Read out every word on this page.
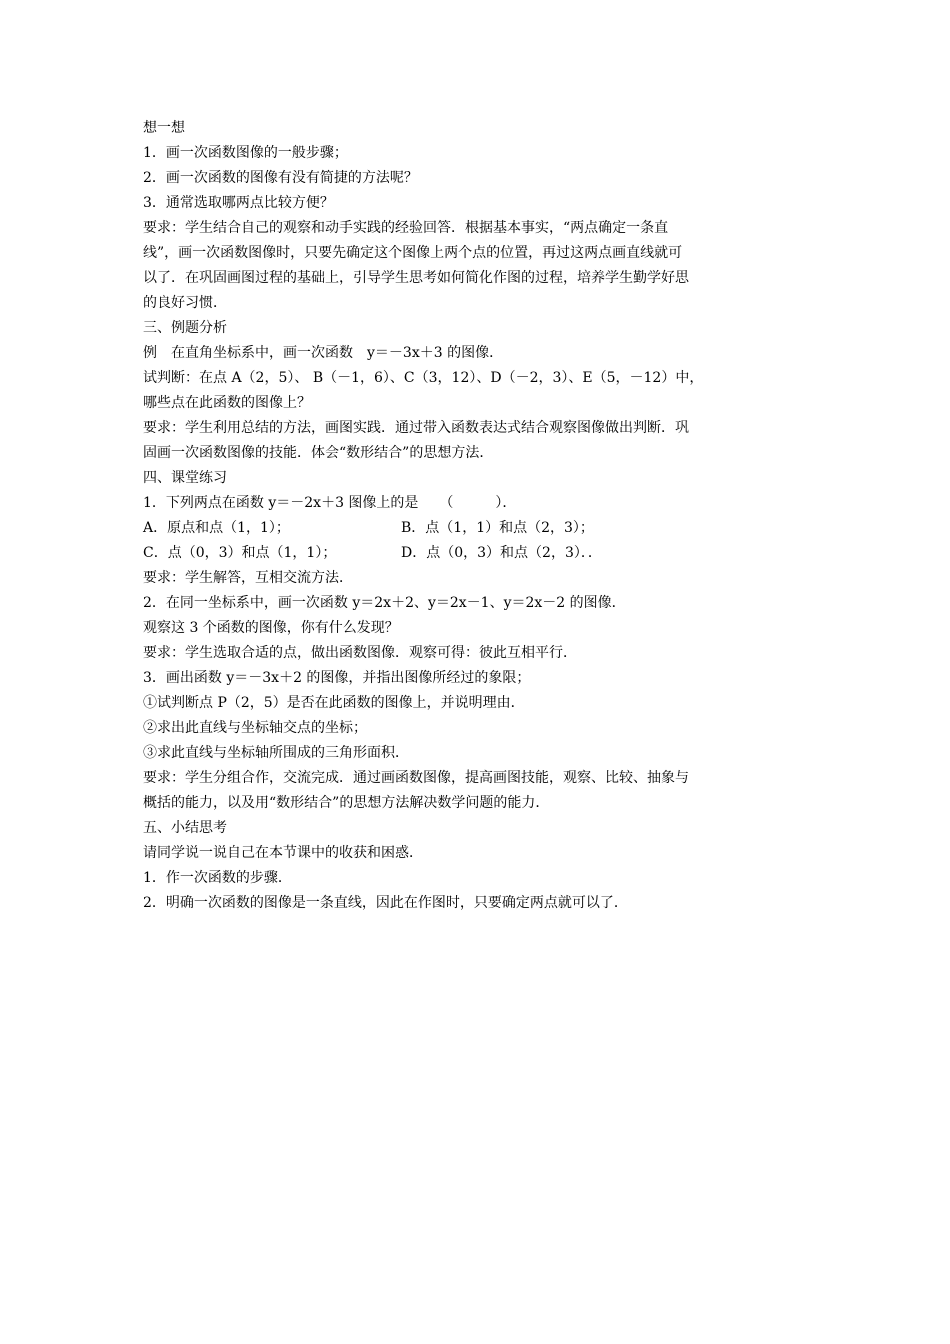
想一想
1．画一次函数图像的一般步骤；
2．画一次函数的图像有没有简捷的方法呢？
3．通常选取哪两点比较方便？
要求：学生结合自己的观察和动手实践的经验回答．根据基本事实，“两点确定一条直
线”，画一次函数图像时，只要先确定这个图像上两个点的位置，再过这两点画直线就可
以了．在巩固画图过程的基础上，引导学生思考如何简化作图的过程，培养学生勤学好思
的良好习惯．
三、例题分析
例　在直角坐标系中，画一次函数　y＝－3x＋3 的图像．
试判断：在点 A（2，5）、 B（－1，6）、C（3，12）、D（－2，3）、E（5，－12）中，
哪些点在此函数的图像上？
要求：学生利用总结的方法，画图实践．通过带入函数表达式结合观察图像做出判断．巩
固画一次函数图像的技能．体会“数形结合”的思想方法．
四、课堂练习
1．下列两点在函数 y＝－2x＋3 图像上的是　　（　　　）．
A．原点和点（1，1）；	B．点（1，1）和点（2，3）；
C．点（0，3）和点（1，1）；	D．点（0，3）和点（2，3）．．
要求：学生解答，互相交流方法．
2．在同一坐标系中，画一次函数 y＝2x＋2、y＝2x－1、y＝2x－2 的图像．
观察这 3 个函数的图像，你有什么发现？
要求：学生选取合适的点，做出函数图像．观察可得：彼此互相平行．
3．画出函数 y＝－3x＋2 的图像，并指出图像所经过的象限；
①试判断点 P（2，5）是否在此函数的图像上，并说明理由．
②求出此直线与坐标轴交点的坐标；
③求此直线与坐标轴所围成的三角形面积．
要求：学生分组合作，交流完成．通过画函数图像，提高画图技能，观察、比较、抽象与
概括的能力，以及用“数形结合”的思想方法解决数学问题的能力．
五、小结思考
请同学说一说自己在本节课中的收获和困惑．
1．作一次函数的步骤．
2．明确一次函数的图像是一条直线，因此在作图时，只要确定两点就可以了．
